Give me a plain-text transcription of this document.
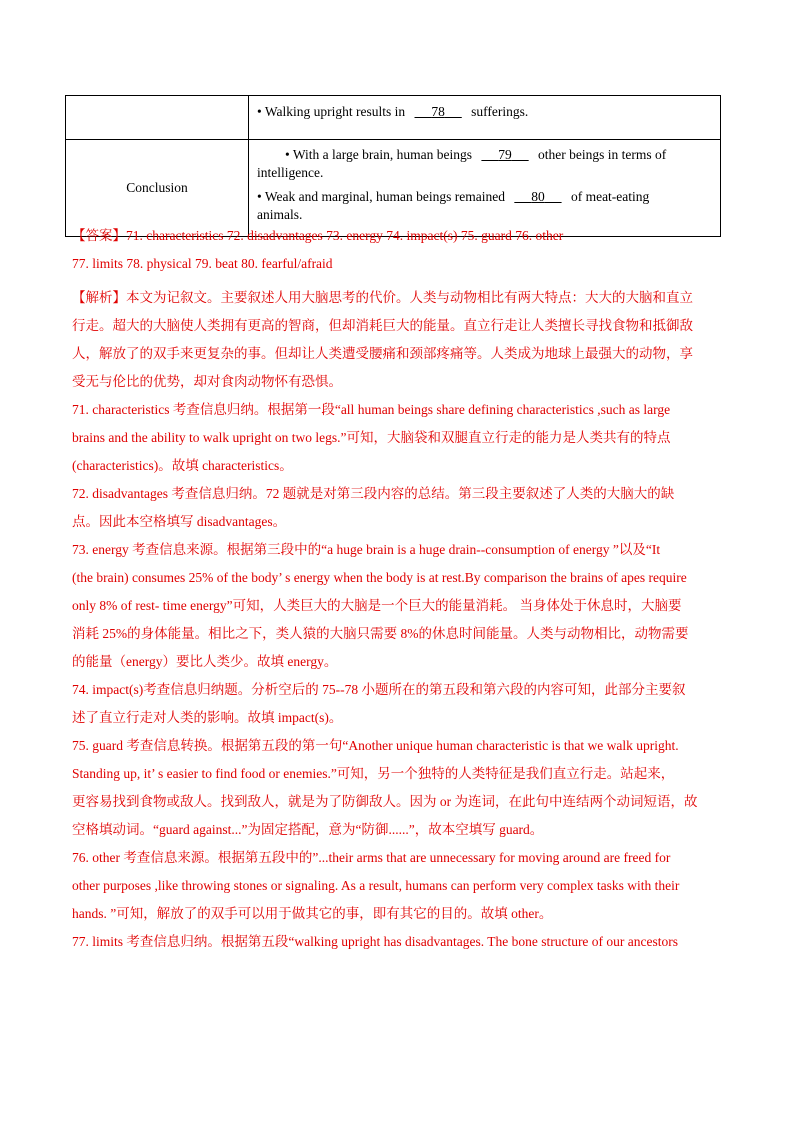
	• Walking upright results in 78 sufferings.

Conclusion	• With a large brain, human beings 79 other beings in terms of

intelligence.

• Weak and marginal, human beings remained 80 of meat-eating

animals.

【答案】71. characteristics 72. disadvantages 73. energy 74. impact(s) 75. guard 76. other

77. limits 78. physical 79. beat 80. fearful/afraid

【解析】本文为记叙文。主要叙述人用大脑思考的代价。人类与动物相比有两大特点：大大的大脑和直立

行走。超大的大脑使人类拥有更高的智商，但却消耗巨大的能量。直立行走让人类擅长寻找食物和抵御敌

人，解放了的双手来更复杂的事。但却让人类遭受腰痛和颈部疼痛等。人类成为地球上最强大的动物，享

受无与伦比的优势，却对食肉动物怀有恐惧。

71. characteristics 考查信息归纳。根据第一段“all human beings share defining characteristics ,such as large

brains and the ability to walk upright on two legs.”可知，大脑袋和双腿直立行走的能力是人类共有的特点

(characteristics)。故填 characteristics。

72. disadvantages 考查信息归纳。72 题就是对第三段内容的总结。第三段主要叙述了人类的大脑大的缺

点。因此本空格填写 disadvantages。

73. energy 考查信息来源。根据第三段中的“a huge brain is a huge drain--consumption of energy ”以及“It

(the brain) consumes 25% of the body’ s energy when the body is at rest.By comparison the brains of apes require

only 8% of rest- time energy”可知，人类巨大的大脑是一个巨大的能量消耗。 当身体处于休息时，大脑要

消耗 25%的身体能量。相比之下，类人猿的大脑只需要 8%的休息时间能量。人类与动物相比，动物需要

的能量（energy）要比人类少。故填 energy。

74. impact(s)考查信息归纳题。分析空后的 75--78 小题所在的第五段和第六段的内容可知，此部分主要叙

述了直立行走对人类的影响。故填 impact(s)。

75. guard 考查信息转换。根据第五段的第一句“Another unique human characteristic is that we walk upright.

Standing up, it’ s easier to find food or enemies.”可知，另一个独特的人类特征是我们直立行走。站起来，

更容易找到食物或敌人。找到敌人，就是为了防御敌人。因为 or 为连词，在此句中连结两个动词短语，故

空格填动词。“guard against...”为固定搭配，意为“防御......”，故本空填写 guard。

76. other 考查信息来源。根据第五段中的”...their arms that are unnecessary for moving around are freed for

other purposes ,like throwing stones or signaling. As a result, humans can perform very complex tasks with their

hands. ”可知，解放了的双手可以用于做其它的事，即有其它的目的。故填 other。

77. limits 考查信息归纳。根据第五段“walking upright has disadvantages. The bone structure of our ancestors
